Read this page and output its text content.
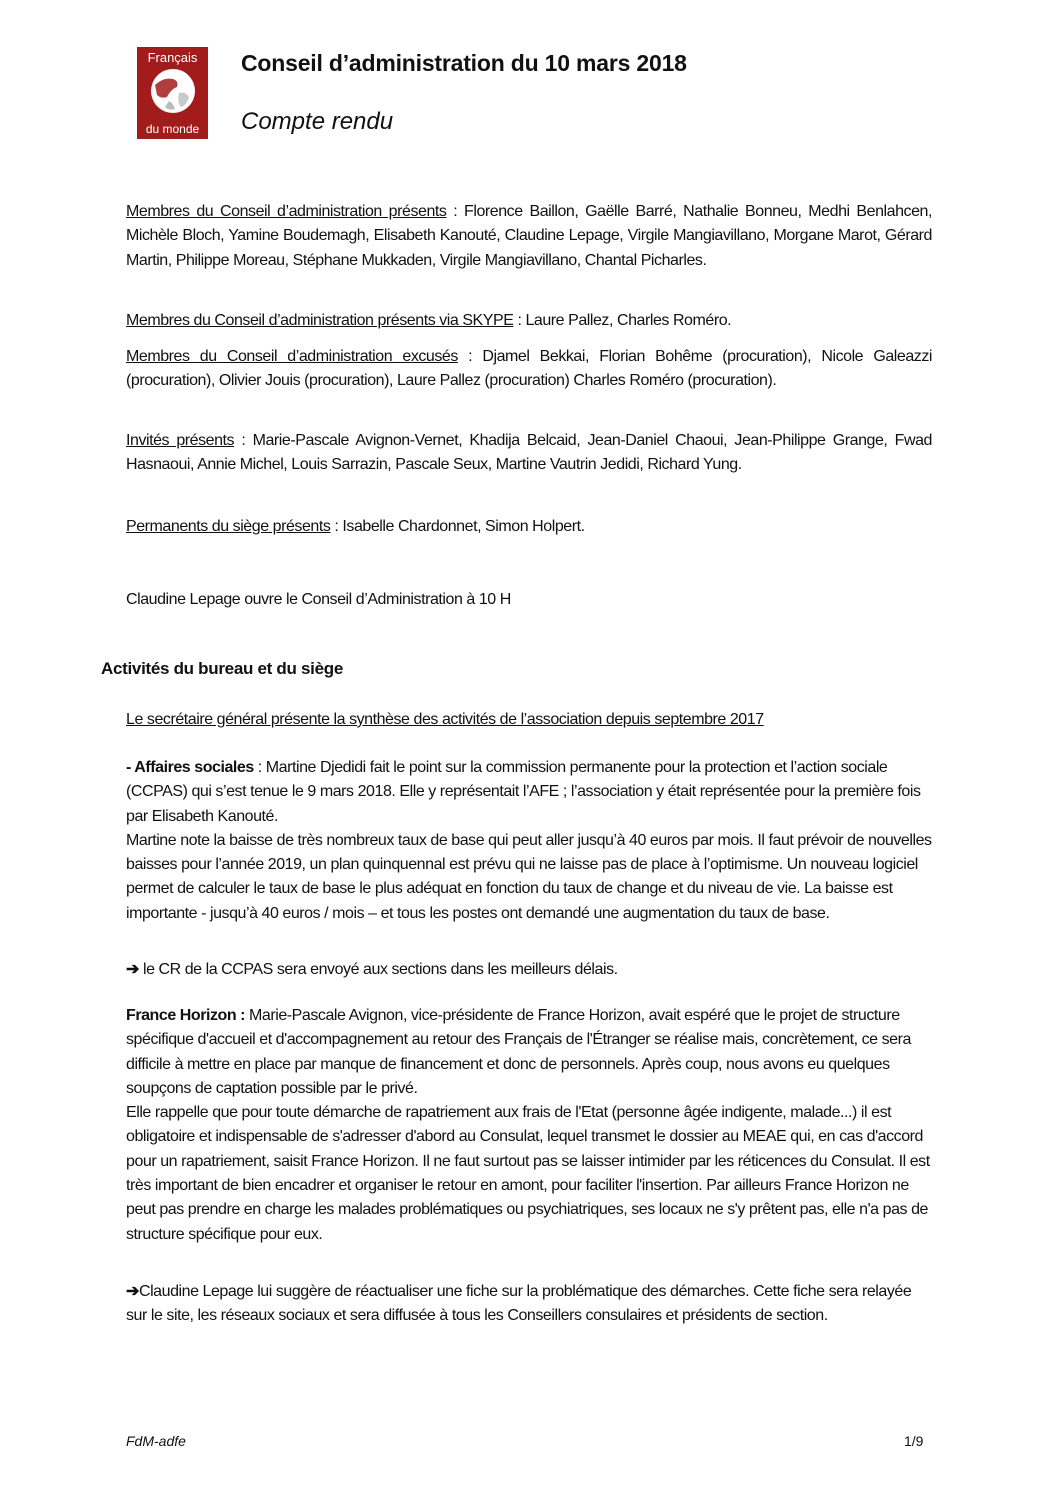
Français
du monde
Conseil d’administration du 10 mars 2018
Compte rendu
Membres du Conseil d’administration présents : Florence Baillon, Gaëlle Barré, Nathalie Bonneu, Medhi Benlahcen, Michèle Bloch, Yamine Boudemagh, Elisabeth Kanouté, Claudine Lepage, Virgile Mangiavillano, Morgane Marot, Gérard Martin, Philippe Moreau, Stéphane Mukkaden, Virgile Mangiavillano, Chantal Picharles.
Membres du Conseil d’administration présents via SKYPE : Laure Pallez, Charles Roméro.
Membres du Conseil d’administration excusés : Djamel Bekkai, Florian Bohême (procuration), Nicole Galeazzi (procuration), Olivier Jouis (procuration), Laure Pallez (procuration) Charles Roméro (procuration).
Invités présents : Marie-Pascale Avignon-Vernet, Khadija Belcaid, Jean-Daniel Chaoui, Jean-Philippe Grange, Fwad Hasnaoui, Annie Michel, Louis Sarrazin, Pascale Seux, Martine Vautrin Jedidi, Richard Yung.
Permanents du siège présents : Isabelle Chardonnet, Simon Holpert.
Claudine Lepage ouvre le Conseil d’Administration à 10 H
Activités du bureau et du siège
Le secrétaire général présente la synthèse des activités de l’association depuis septembre 2017
- Affaires sociales : Martine Djedidi fait le point sur la commission permanente pour la protection et l’action sociale (CCPAS) qui s’est tenue le 9 mars 2018. Elle y représentait l’AFE ; l’association y était représentée pour la première fois par Elisabeth Kanouté.
Martine note la baisse de très nombreux taux de base qui peut aller jusqu’à 40 euros par mois. Il faut prévoir de nouvelles baisses pour l’année 2019, un plan quinquennal est prévu qui ne laisse pas de place à l’optimisme. Un nouveau logiciel permet de calculer le taux de base le plus adéquat en fonction du taux de change et du niveau de vie. La baisse est importante - jusqu’à 40 euros / mois – et tous les postes ont demandé une augmentation du taux de base.
➔ le CR de la CCPAS sera envoyé aux sections dans les meilleurs délais.
France Horizon : Marie-Pascale Avignon, vice-présidente de France Horizon, avait espéré que le projet de structure spécifique d'accueil et d'accompagnement au retour des Français de l'Étranger se réalise mais, concrètement, ce sera difficile à mettre en place par manque de financement et donc de personnels. Après coup, nous avons eu quelques soupçons de captation possible par le privé.
Elle rappelle que pour toute démarche de rapatriement aux frais de l'Etat (personne âgée indigente, malade...) il est obligatoire et indispensable de s'adresser d'abord au Consulat, lequel transmet le dossier au MEAE qui, en cas d'accord pour un rapatriement, saisit France Horizon. Il ne faut surtout pas se laisser intimider par les réticences du Consulat. Il est très important de bien encadrer et organiser le retour en amont, pour faciliter l'insertion. Par ailleurs France Horizon ne peut pas prendre en charge les malades problématiques ou psychiatriques, ses locaux ne s'y prêtent pas, elle n'a pas de structure spécifique pour eux.
➔Claudine Lepage lui suggère de réactualiser une fiche sur la problématique des démarches. Cette fiche sera relayée sur le site, les réseaux sociaux et sera diffusée à tous les Conseillers consulaires et présidents de section.
FdM-adfe	1/9
